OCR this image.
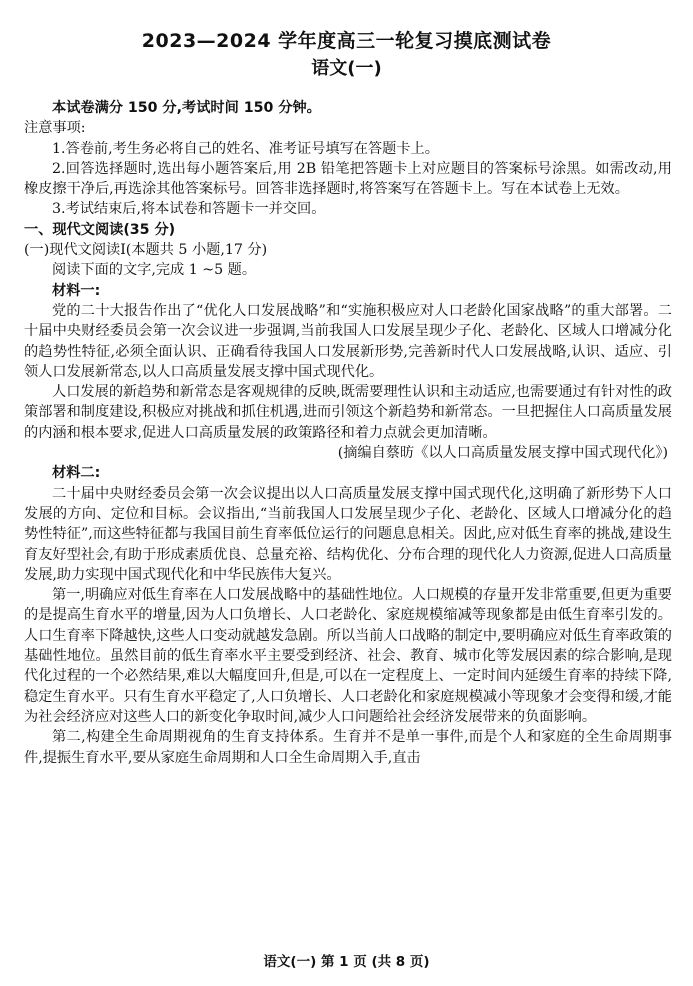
2023—2024 学年度高三一轮复习摸底测试卷
语文(一)

本试卷满分 150 分,考试时间 150 分钟。

注意事项:

1.答卷前,考生务必将自己的姓名、准考证号填写在答题卡上。

2.回答选择题时,选出每小题答案后,用 2B 铅笔把答题卡上对应题目的答案标号涂黑。如需改动,用橡皮擦干净后,再选涂其他答案标号。回答非选择题时,将答案写在答题卡上。写在本试卷上无效。

3.考试结束后,将本试卷和答题卡一并交回。

一、现代文阅读(35 分)

(一)现代文阅读Ⅰ(本题共 5 小题,17 分)

阅读下面的文字,完成 1 ~5 题。

材料一:

党的二十大报告作出了“优化人口发展战略”和“实施积极应对人口老龄化国家战略”的重大部署。二十届中央财经委员会第一次会议进一步强调,当前我国人口发展呈现少子化、老龄化、区域人口增减分化的趋势性特征,必须全面认识、正确看待我国人口发展新形势,完善新时代人口发展战略,认识、适应、引领人口发展新常态,以人口高质量发展支撑中国式现代化。

人口发展的新趋势和新常态是客观规律的反映,既需要理性认识和主动适应,也需要通过有针对性的政策部署和制度建设,积极应对挑战和抓住机遇,进而引领这个新趋势和新常态。一旦把握住人口高质量发展的内涵和根本要求,促进人口高质量发展的政策路径和着力点就会更加清晰。

(摘编自蔡昉《以人口高质量发展支撑中国式现代化》)

材料二:

二十届中央财经委员会第一次会议提出以人口高质量发展支撑中国式现代化,这明确了新形势下人口发展的方向、定位和目标。会议指出,“当前我国人口发展呈现少子化、老龄化、区域人口增减分化的趋势性特征”,而这些特征都与我国目前生育率低位运行的问题息息相关。因此,应对低生育率的挑战,建设生育友好型社会,有助于形成素质优良、总量充裕、结构优化、分布合理的现代化人力资源,促进人口高质量发展,助力实现中国式现代化和中华民族伟大复兴。

第一,明确应对低生育率在人口发展战略中的基础性地位。人口规模的存量开发非常重要,但更为重要的是提高生育水平的增量,因为人口负增长、人口老龄化、家庭规模缩减等现象都是由低生育率引发的。人口生育率下降越快,这些人口变动就越发急剧。所以当前人口战略的制定中,要明确应对低生育率政策的基础性地位。虽然目前的低生育率水平主要受到经济、社会、教育、城市化等发展因素的综合影响,是现代化过程的一个必然结果,难以大幅度回升,但是,可以在一定程度上、一定时间内延缓生育率的持续下降,稳定生育水平。只有生育水平稳定了,人口负增长、人口老龄化和家庭规模减小等现象才会变得和缓,才能为社会经济应对这些人口的新变化争取时间,减少人口问题给社会经济发展带来的负面影响。

第二,构建全生命周期视角的生育支持体系。生育并不是单一事件,而是个人和家庭的全生命周期事件,提振生育水平,要从家庭生命周期和人口全生命周期入手,直击

语文(一) 第 1 页 (共 8 页)
